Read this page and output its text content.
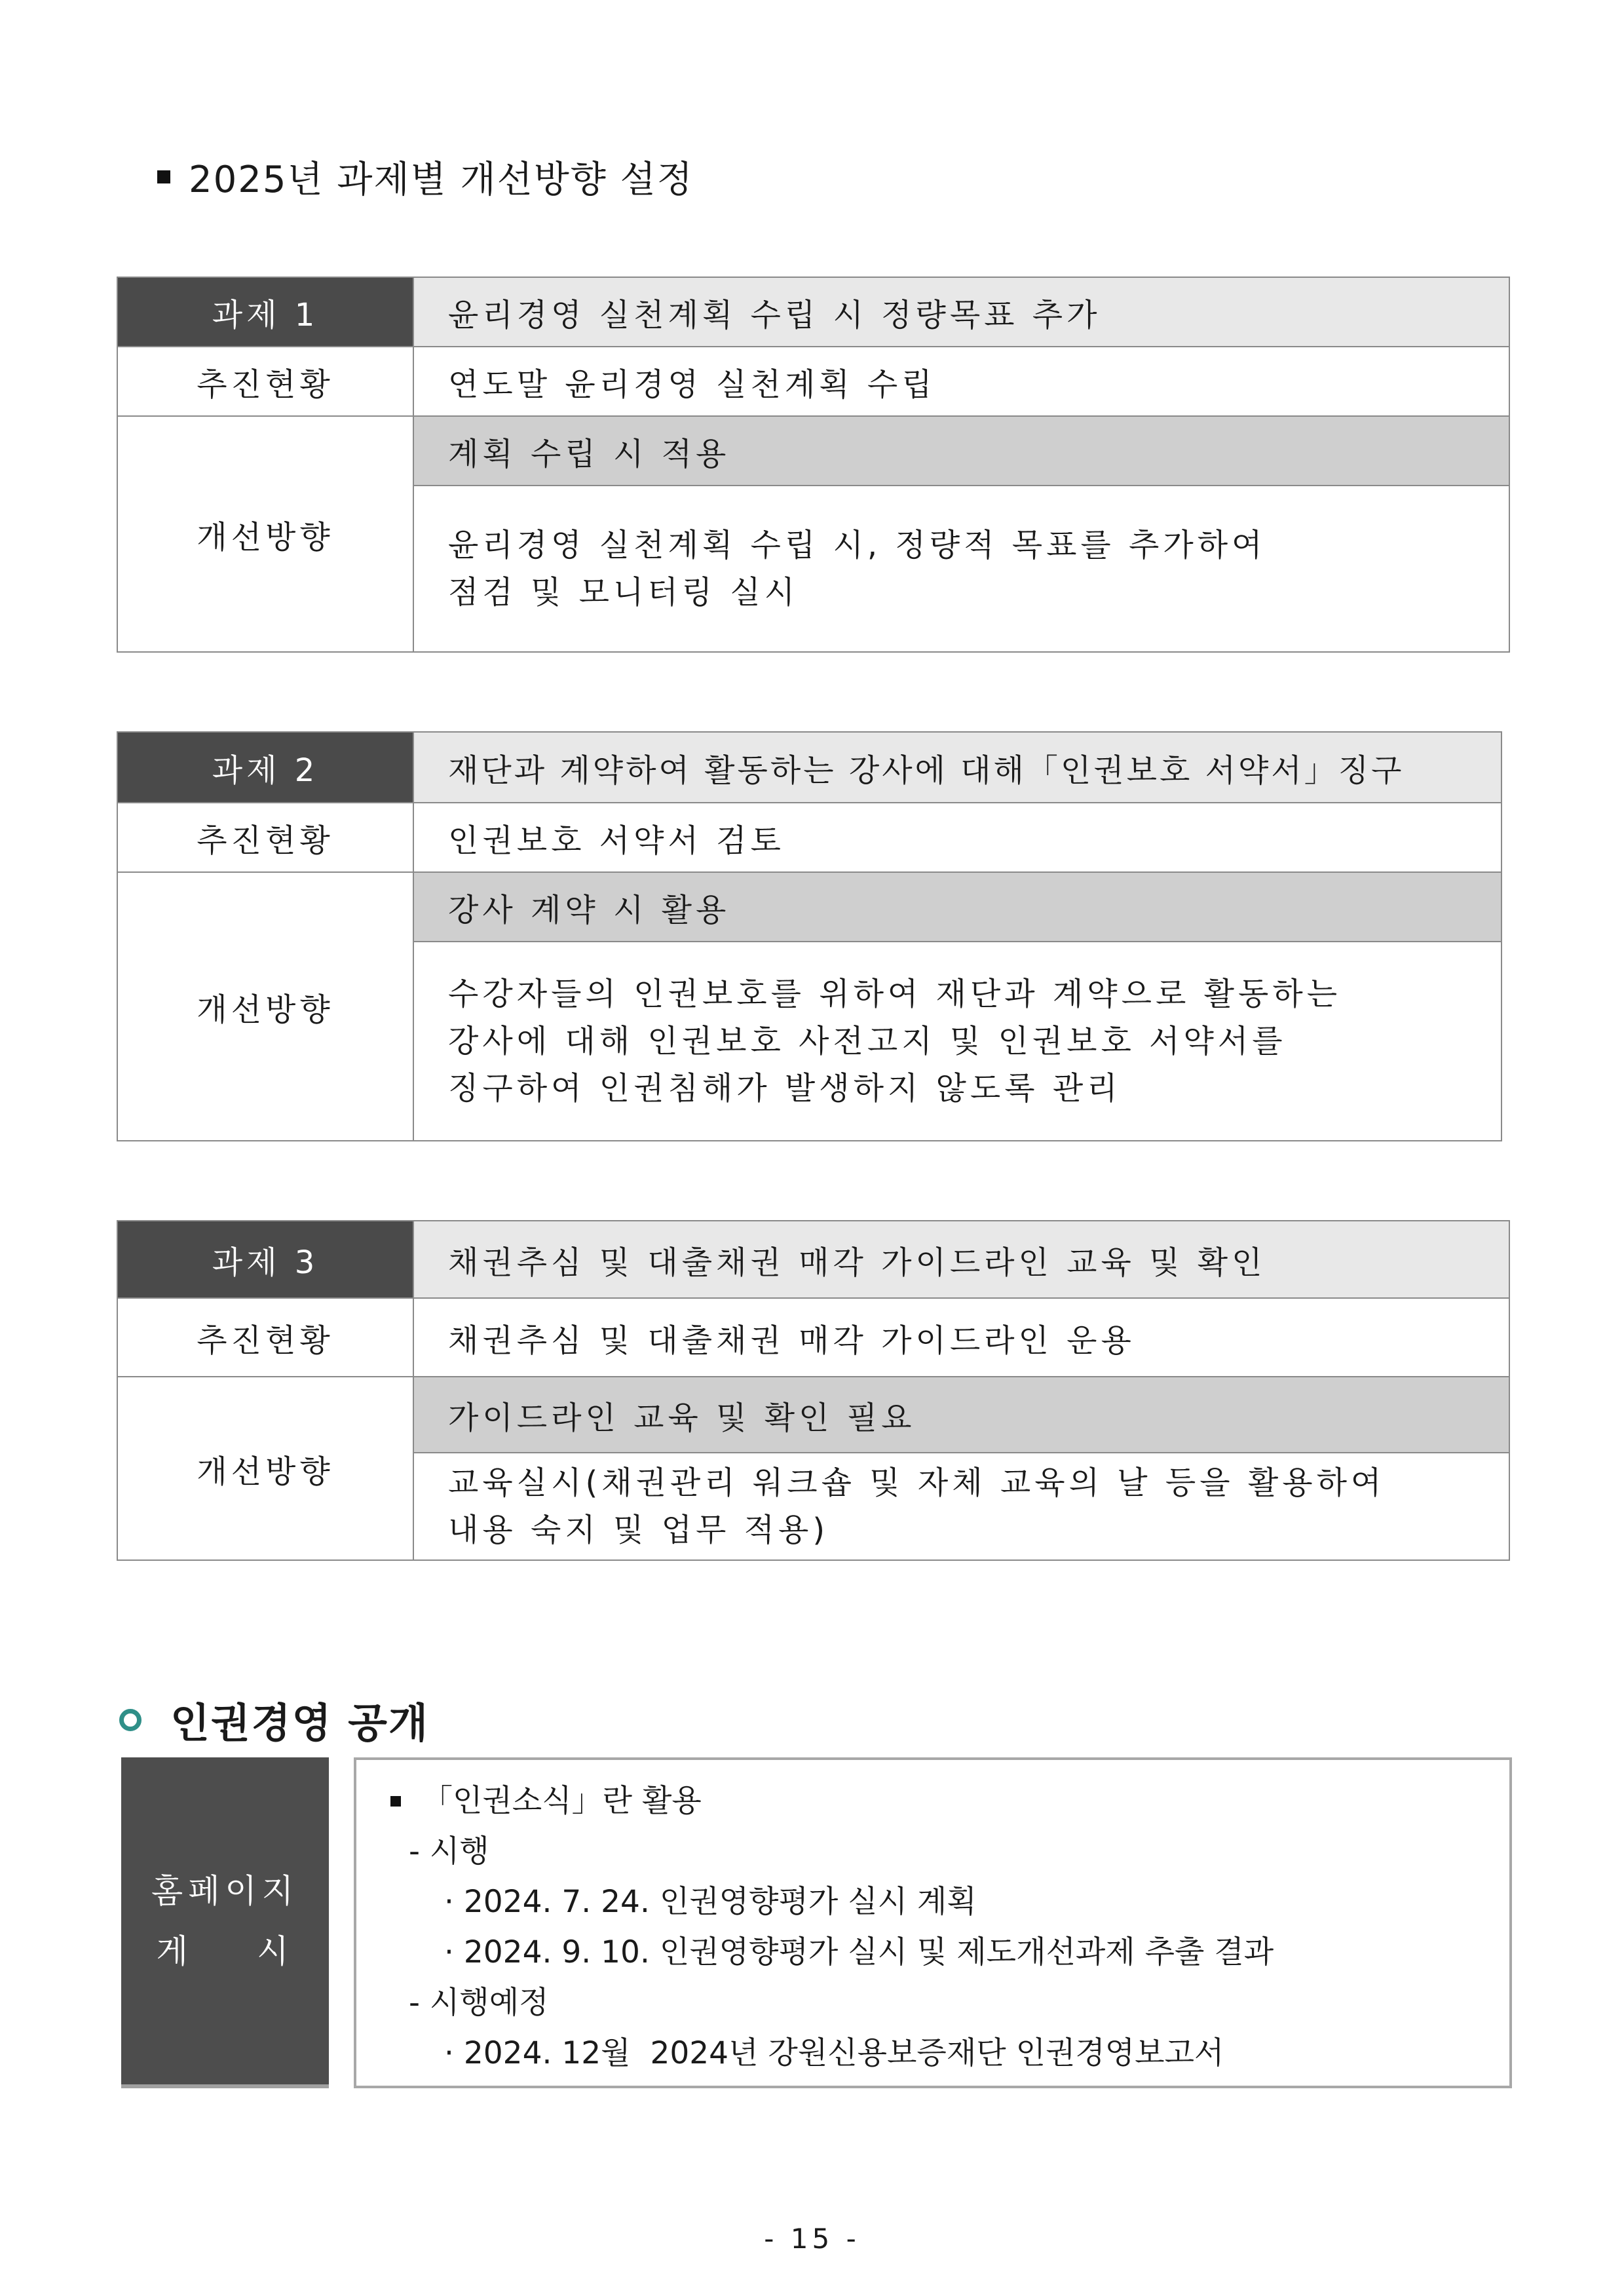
2025년 과제별 개선방향 설정
과제 1	윤리경영 실천계획 수립 시 정량목표 추가
추진현황	연도말 윤리경영 실천계획 수립
개선방향	계획 수립 시 적용

	윤리경영 실천계획 수립 시, 정량적 목표를 추가하여
점검 및 모니터링 실시
과제 2	재단과 계약하여 활동하는 강사에 대해「인권보호 서약서」징구
추진현황	인권보호 서약서 검토
개선방향	강사 계약 시 활용

	수강자들의 인권보호를 위하여 재단과 계약으로 활동하는
강사에 대해 인권보호 사전고지 및 인권보호 서약서를
징구하여 인권침해가 발생하지 않도록 관리
과제 3	채권추심 및 대출채권 매각 가이드라인 교육 및 확인
추진현황	채권추심 및 대출채권 매각 가이드라인 운용
개선방향	가이드라인 교육 및 확인 필요

	교육실시(채권관리 워크숍 및 자체 교육의 날 등을 활용하여
내용 숙지 및 업무 적용)
인권경영 공개
홈페이지
게 시
「인권소식」란 활용
- 시행
· 2024. 7. 24. 인권영향평가 실시 계획
· 2024. 9. 10. 인권영향평가 실시 및 제도개선과제 추출 결과
- 시행예정
· 2024. 12월  2024년 강원신용보증재단 인권경영보고서
- 15 -
